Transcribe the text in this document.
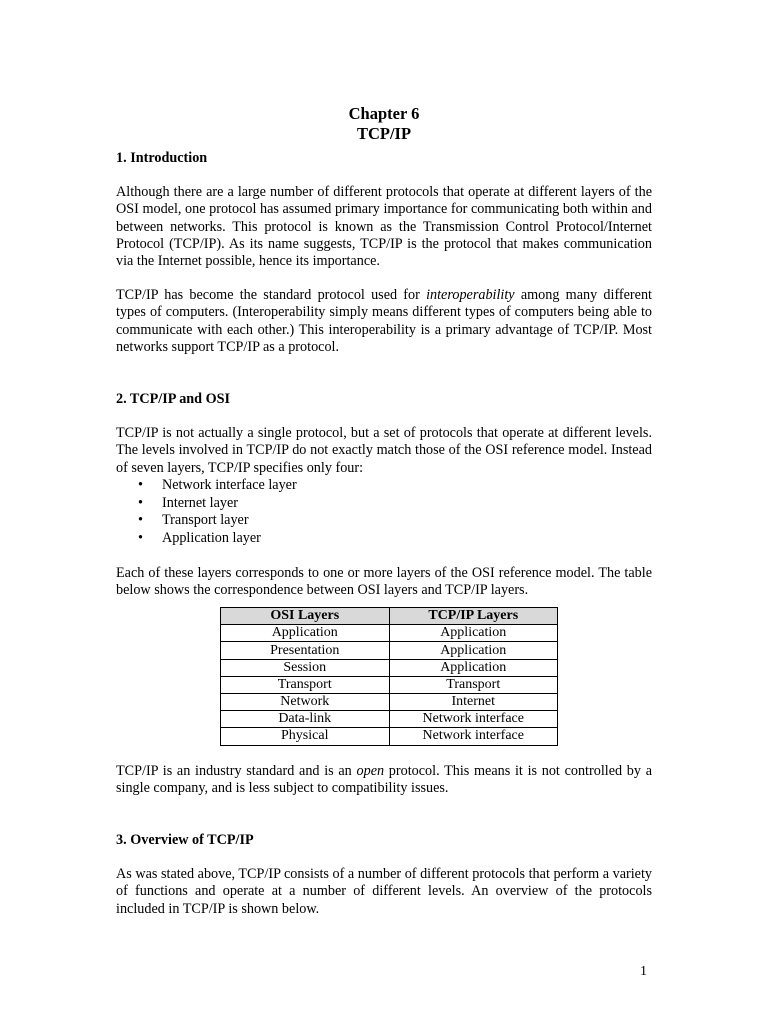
Chapter 6
TCP/IP
1. Introduction

Although there are a large number of different protocols that operate at different layers of the OSI model, one protocol has assumed primary importance for communicating both within and between networks. This protocol is known as the Transmission Control Protocol/Internet Protocol (TCP/IP). As its name suggests, TCP/IP is the protocol that makes communication via the Internet possible, hence its importance.

TCP/IP has become the standard protocol used for interoperability among many different types of computers. (Interoperability simply means different types of computers being able to communicate with each other.) This interoperability is a primary advantage of TCP/IP. Most networks support TCP/IP as a protocol.

2. TCP/IP and OSI

TCP/IP is not actually a single protocol, but a set of protocols that operate at different levels. The levels involved in TCP/IP do not exactly match those of the OSI reference model. Instead of seven layers, TCP/IP specifies only four:

• Network interface layer
• Internet layer
• Transport layer
• Application layer

Each of these layers corresponds to one or more layers of the OSI reference model. The table below shows the correspondence between OSI layers and TCP/IP layers.

OSI Layers	TCP/IP Layers
Application	Application
Presentation	Application
Session	Application
Transport	Transport
Network	Internet
Data-link	Network interface
Physical	Network interface

TCP/IP is an industry standard and is an open protocol. This means it is not controlled by a single company, and is less subject to compatibility issues.

3. Overview of TCP/IP

As was stated above, TCP/IP consists of a number of different protocols that perform a variety of functions and operate at a number of different levels. An overview of the protocols included in TCP/IP is shown below.

1
